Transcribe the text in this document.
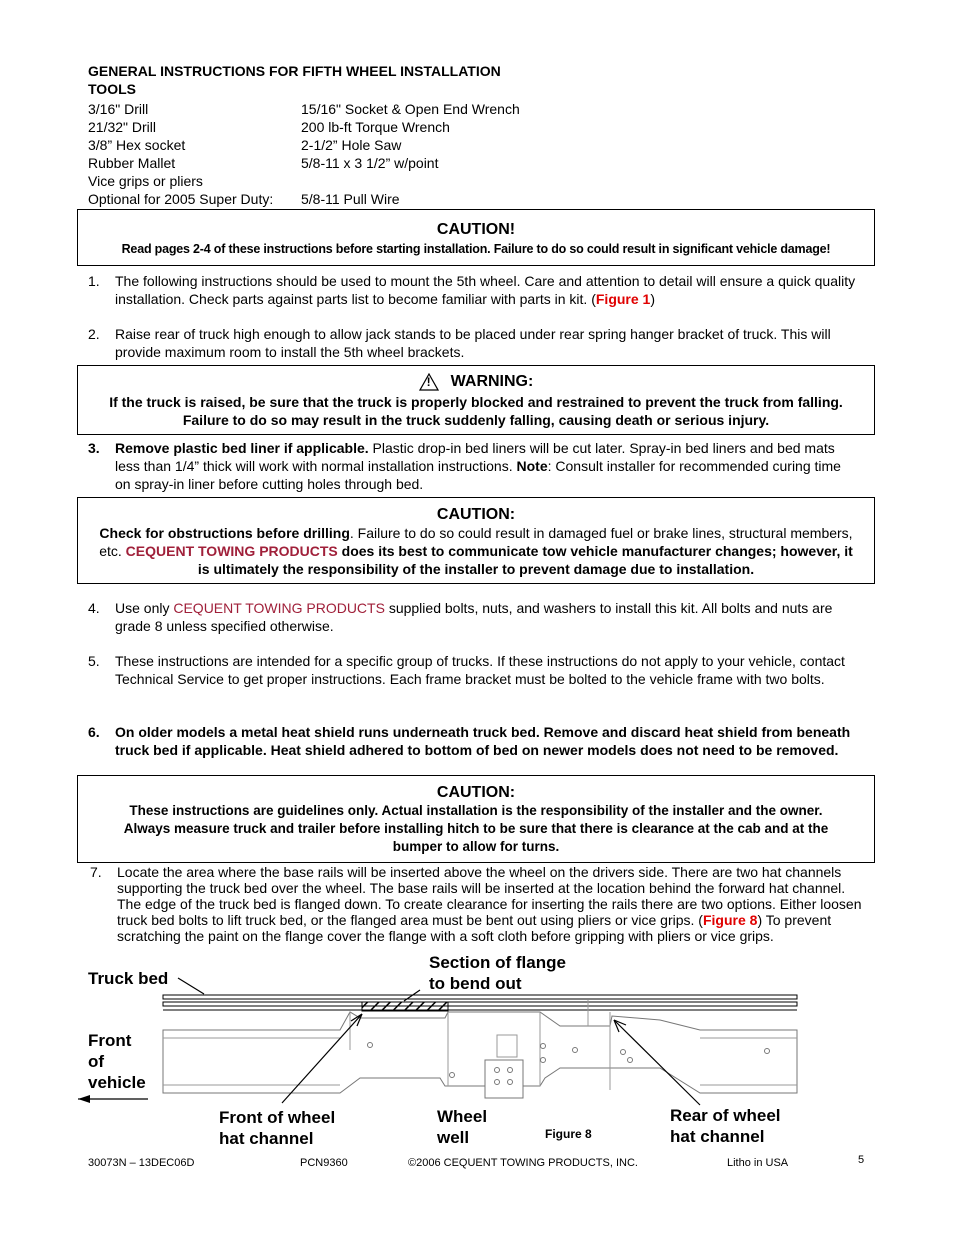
GENERAL INSTRUCTIONS FOR FIFTH WHEEL INSTALLATION
TOOLS
3/16" Drill	15/16" Socket & Open End Wrench
21/32" Drill	200 lb-ft Torque Wrench
3/8” Hex socket	2-1/2” Hole Saw
Rubber Mallet	5/8-11 x 3 1/2” w/point
Vice grips or pliers
Optional for 2005 Super Duty: 5/8-11 Pull Wire
CAUTION!
Read pages 2-4 of these instructions before starting installation. Failure to do so could result in significant vehicle damage!
1. The following instructions should be used to mount the 5th wheel. Care and attention to detail will ensure a quick quality installation. Check parts against parts list to become familiar with parts in kit. (Figure 1)
2. Raise rear of truck high enough to allow jack stands to be placed under rear spring hanger bracket of truck. This will provide maximum room to install the 5th wheel brackets.
!	WARNING:
If the truck is raised, be sure that the truck is properly blocked and restrained to prevent the truck from falling.
Failure to do so may result in the truck suddenly falling, causing death or serious injury.
3. Remove plastic bed liner if applicable. Plastic drop-in bed liners will be cut later. Spray-in bed liners and bed mats less than 1/4” thick will work with normal installation instructions. Note: Consult installer for recommended curing time on spray-in liner before cutting holes through bed.
CAUTION:
Check for obstructions before drilling. Failure to do so could result in damaged fuel or brake lines, structural members, etc. CEQUENT TOWING PRODUCTS does its best to communicate tow vehicle manufacturer changes; however, it is ultimately the responsibility of the installer to prevent damage due to installation.
4. Use only CEQUENT TOWING PRODUCTS supplied bolts, nuts, and washers to install this kit. All bolts and nuts are grade 8 unless specified otherwise.
5. These instructions are intended for a specific group of trucks. If these instructions do not apply to your vehicle, contact Technical Service to get proper instructions. Each frame bracket must be bolted to the vehicle frame with two bolts.
6. On older models a metal heat shield runs underneath truck bed. Remove and discard heat shield from beneath truck bed if applicable. Heat shield adhered to bottom of bed on newer models does not need to be removed.
CAUTION:
These instructions are guidelines only. Actual installation is the responsibility of the installer and the owner.
Always measure truck and trailer before installing hitch to be sure that there is clearance at the cab and at the
bumper to allow for turns.
7. Locate the area where the base rails will be inserted above the wheel on the drivers side. There are two hat channels supporting the truck bed over the wheel. The base rails will be inserted at the location behind the forward hat channel. The edge of the truck bed is flanged down. To create clearance for inserting the rails there are two options. Either loosen truck bed bolts to lift truck bed, or the flanged area must be bent out using pliers or vice grips. (Figure 8) To prevent scratching the paint on the flange cover the flange with a soft cloth before gripping with pliers or vice grips.
Truck bed
Section of flange
to bend out
Front
of
vehicle
Front of wheel
hat channel
Wheel
well	Figure 8
Rear of wheel
hat channel
30073N – 13DEC06D	PCN9360	©2006 CEQUENT TOWING PRODUCTS, INC.	Litho in USA	5
